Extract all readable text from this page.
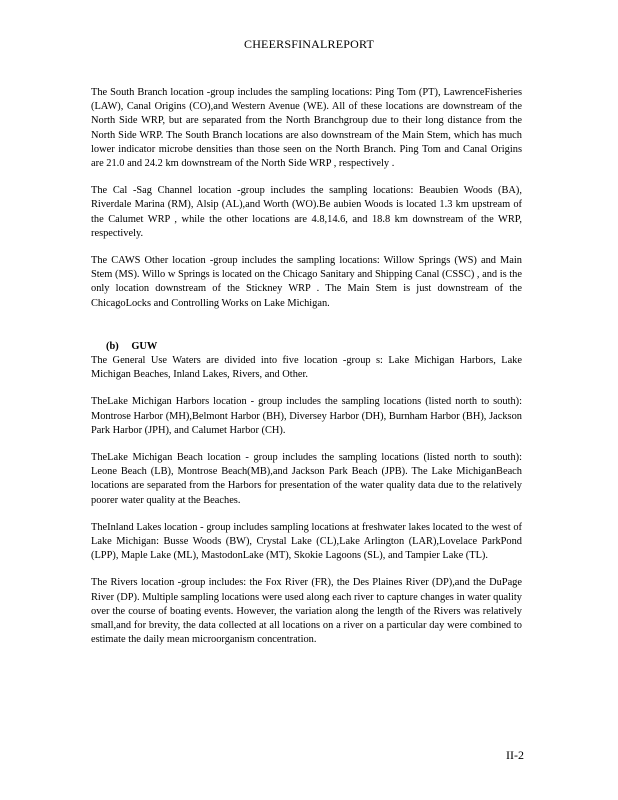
CHEERSFINALREPORT

The South Branch location -group includes the sampling locations: Ping Tom (PT), LawrenceFisheries (LAW), Canal Origins (CO),and Western Avenue (WE). All of these locations are downstream of the North Side WRP, but are separated from the North Branchgroup due to their long distance from the North Side WRP. The South Branch locations are also downstream of the Main Stem, which has much lower indicator microbe densities than those seen on the North Branch. Ping Tom and Canal Origins are 21.0 and 24.2 km downstream of the North Side WRP , respectively .

The Cal -Sag Channel location -group includes the sampling locations: Beaubien Woods (BA), Riverdale Marina (RM), Alsip (AL),and Worth (WO).Be aubien Woods is located 1.3 km upstream of the Calumet WRP , while the other locations are 4.8,14.6, and 18.8 km downstream of the WRP, respectively.

The CAWS Other location -group includes the sampling locations: Willow Springs (WS) and Main Stem (MS). Willo w Springs is located on the Chicago Sanitary and Shipping Canal (CSSC) , and is the only location downstream of the Stickney WRP . The Main Stem is just downstream of the ChicagoLocks and Controlling Works on Lake Michigan.

(b) GUW

The General Use Waters are divided into five location -group s: Lake Michigan Harbors, Lake Michigan Beaches, Inland Lakes, Rivers, and Other.

TheLake Michigan Harbors location - group includes the sampling locations (listed north to south): Montrose Harbor (MH),Belmont Harbor (BH), Diversey Harbor (DH), Burnham Harbor (BH), Jackson Park Harbor (JPH), and Calumet Harbor (CH).

TheLake Michigan Beach location - group includes the sampling locations (listed north to south): Leone Beach (LB), Montrose Beach(MB),and Jackson Park Beach (JPB). The Lake MichiganBeach locations are separated from the Harbors for presentation of the water quality data due to the relatively poorer water quality at the Beaches.

TheInland Lakes location - group includes sampling locations at freshwater lakes located to the west of Lake Michigan: Busse Woods (BW), Crystal Lake (CL),Lake Arlington (LAR),Lovelace ParkPond (LPP), Maple Lake (ML), MastodonLake (MT), Skokie Lagoons (SL), and Tampier Lake (TL).

The Rivers location -group includes: the Fox River (FR), the Des Plaines River (DP),and the DuPage River (DP). Multiple sampling locations were used along each river to capture changes in water quality over the course of boating events. However, the variation along the length of the Rivers was relatively small,and for brevity, the data collected at all locations on a river on a particular day were combined to estimate the daily mean microorganism concentration.

II-2
